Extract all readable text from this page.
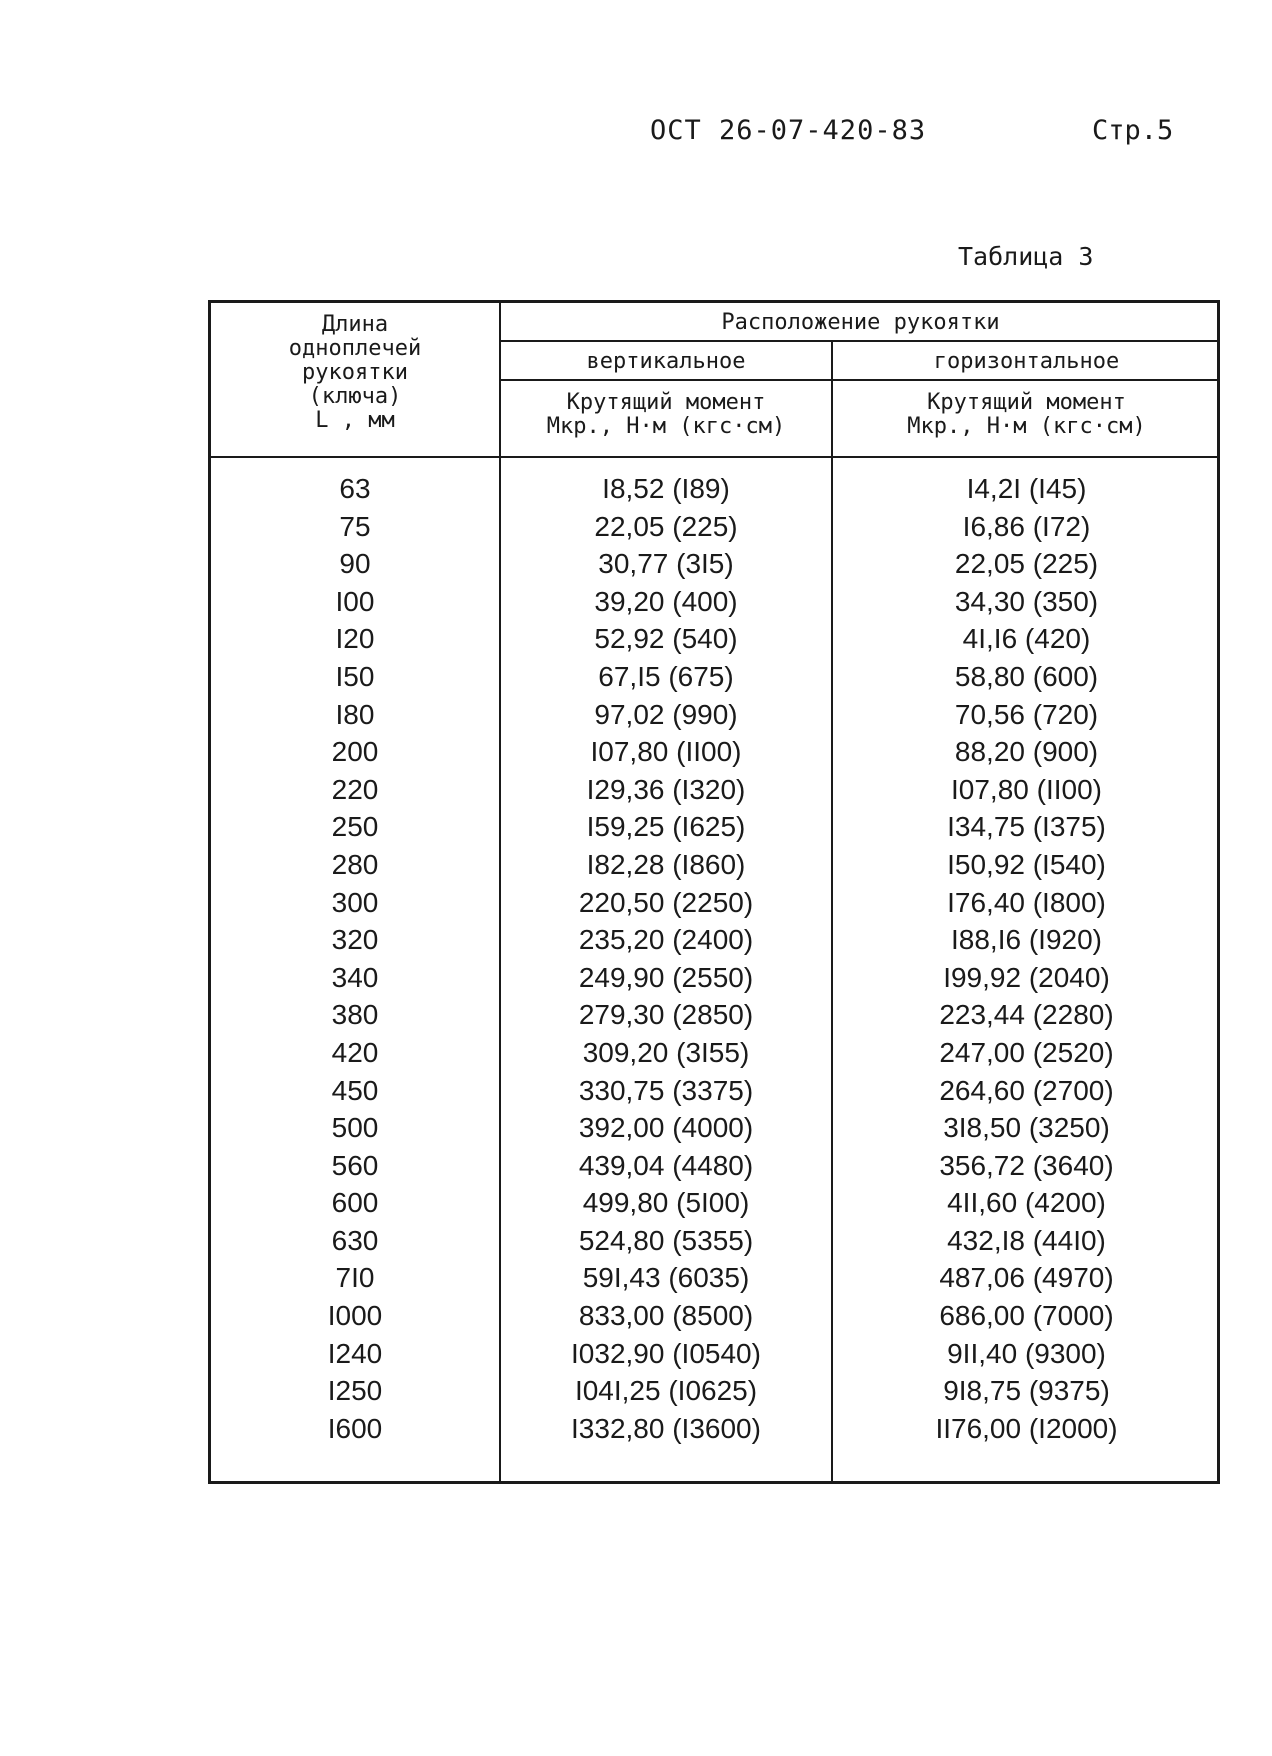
ОСТ 26-07-420-83	Стр.5
Таблица 3
Длина
одноплечей
рукоятки
(ключа)
L , мм
Расположение рукоятки
вертикальное	горизонтальное
Крутящий момент
Мкр., Н·м (кгс·см)
Крутящий момент
Мкр., Н·м (кгс·см)
63	I8,52 (I89)	I4,2I (I45)
75	22,05 (225)	I6,86 (I72)
90	30,77 (3I5)	22,05 (225)
I00	39,20 (400)	34,30 (350)
I20	52,92 (540)	4I,I6 (420)
I50	67,I5 (675)	58,80 (600)
I80	97,02 (990)	70,56 (720)
200	I07,80 (II00)	88,20 (900)
220	I29,36 (I320)	I07,80 (II00)
250	I59,25 (I625)	I34,75 (I375)
280	I82,28 (I860)	I50,92 (I540)
300	220,50 (2250)	I76,40 (I800)
320	235,20 (2400)	I88,I6 (I920)
340	249,90 (2550)	I99,92 (2040)
380	279,30 (2850)	223,44 (2280)
420	309,20 (3I55)	247,00 (2520)
450	330,75 (3375)	264,60 (2700)
500	392,00 (4000)	3I8,50 (3250)
560	439,04 (4480)	356,72 (3640)
600	499,80 (5I00)	4II,60 (4200)
630	524,80 (5355)	432,I8 (44I0)
7I0	59I,43 (6035)	487,06 (4970)
I000	833,00 (8500)	686,00 (7000)
I240	I032,90 (I0540)	9II,40 (9300)
I250	I04I,25 (I0625)	9I8,75 (9375)
I600	I332,80 (I3600)	II76,00 (I2000)
